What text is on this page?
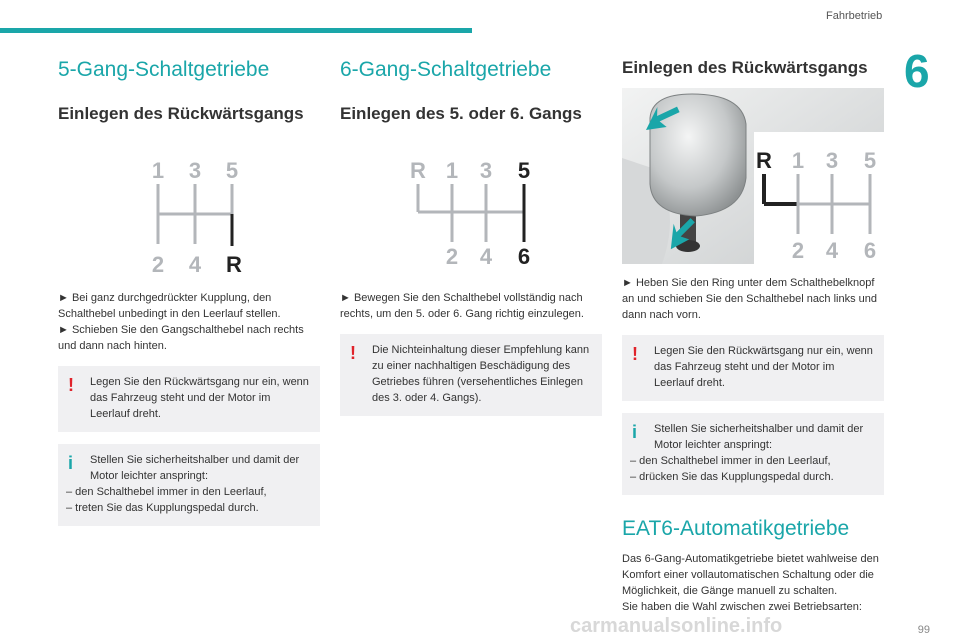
Fahrbetrieb
6
5-Gang-Schaltgetriebe
Einlegen des Rückwärtsgangs
1 3 5
2 4 R

► Bei ganz durchgedrückter Kupplung, den Schalthebel unbedingt in den Leerlauf stellen.

► Schieben Sie den Gangschalthebel nach rechts und dann nach hinten.

!	Legen Sie den Rückwärtsgang nur ein, wenn das Fahrzeug steht und der Motor im Leerlauf dreht.
i	Stellen Sie sicherheitshalber und damit der Motor leichter anspringt:
– den Schalthebel immer in den Leerlauf,
– treten Sie das Kupplungspedal durch.
6-Gang-Schaltgetriebe
Einlegen des 5. oder 6. Gangs
R 1 3 5
2 4 6

► Bewegen Sie den Schalthebel vollständig nach rechts, um den 5. oder 6. Gang richtig einzulegen.

!	Die Nichteinhaltung dieser Empfehlung kann zu einer nachhaltigen Beschädigung des Getriebes führen (versehentliches Einlegen des 3. oder 4. Gangs).
Einlegen des Rückwärtsgangs
R 1 3 5
2 4 6

► Heben Sie den Ring unter dem Schalthebelknopf an und schieben Sie den Schalthebel nach links und dann nach vorn.

!	Legen Sie den Rückwärtsgang nur ein, wenn das Fahrzeug steht und der Motor im Leerlauf dreht.
i	Stellen Sie sicherheitshalber und damit der Motor leichter anspringt:
– den Schalthebel immer in den Leerlauf,
– drücken Sie das Kupplungspedal durch.
EAT6-Automatikgetriebe

Das 6-Gang-Automatikgetriebe bietet wahlweise den Komfort einer vollautomatischen Schaltung oder die Möglichkeit, die Gänge manuell zu schalten.

Sie haben die Wahl zwischen zwei Betriebsarten:

99
carmanualsonline.info
